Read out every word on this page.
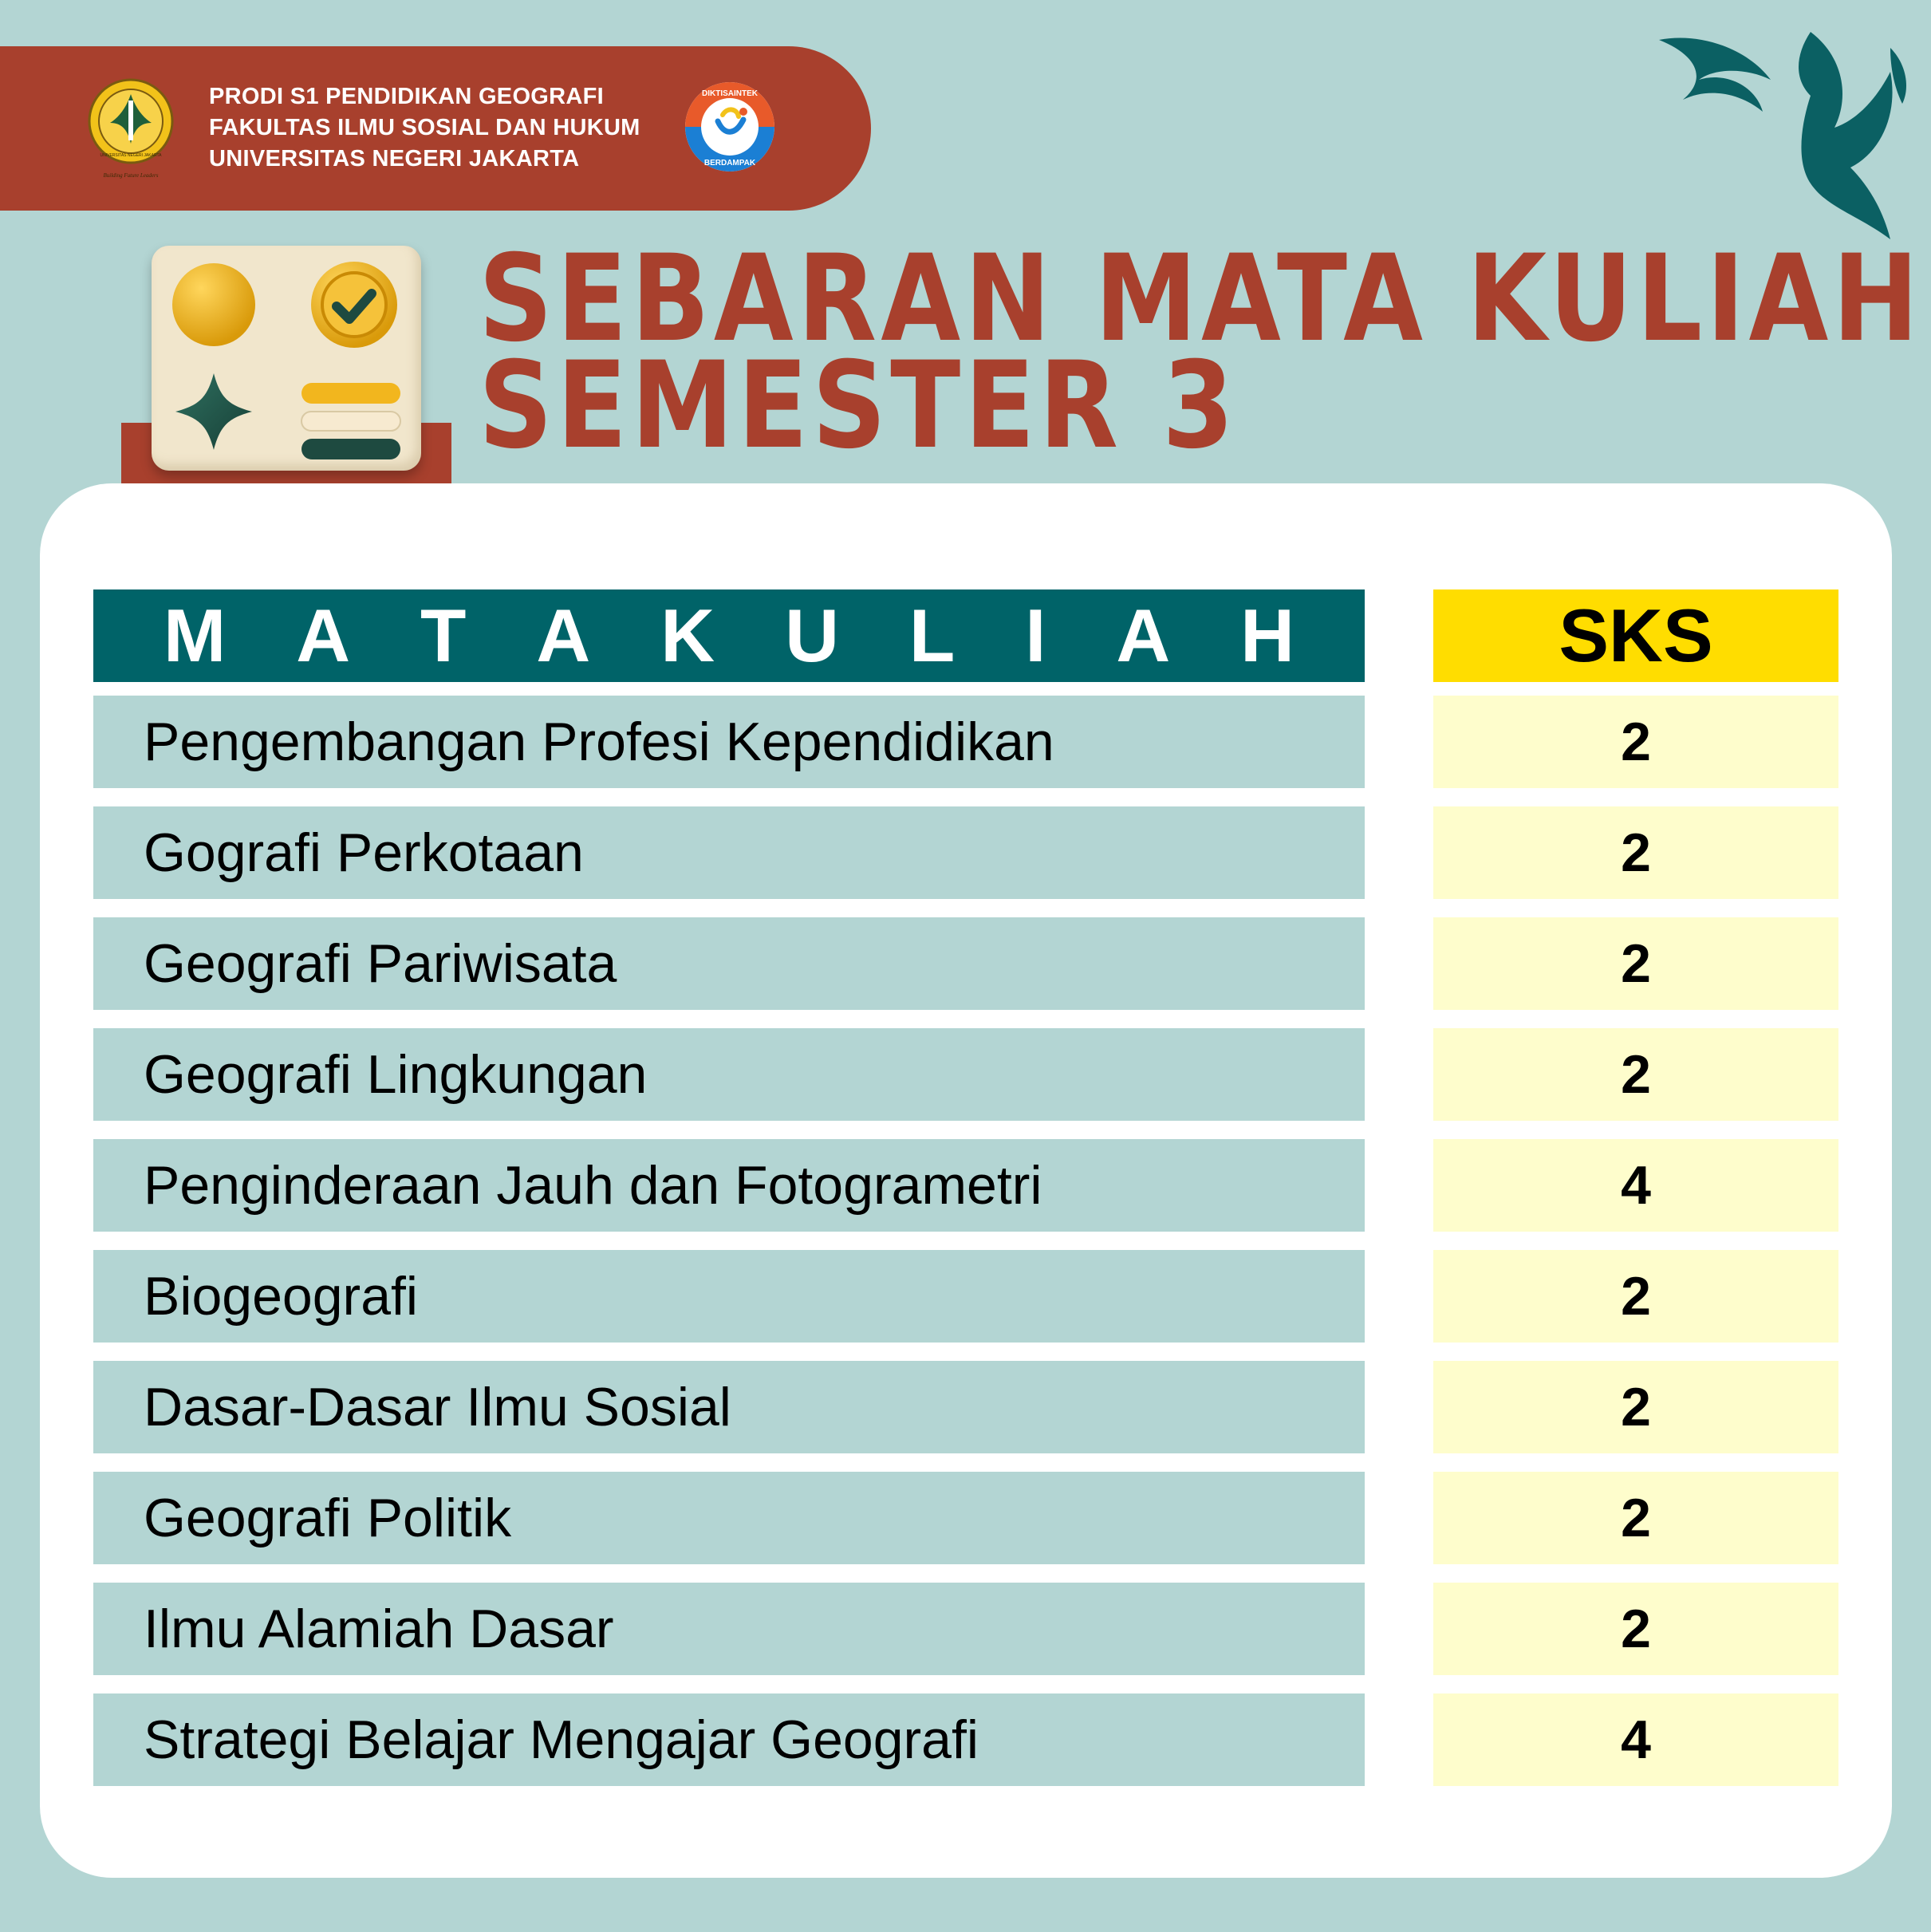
UNIVERSITAS NEGERI JAKARTA
Building Future Leaders
PRODI S1 PENDIDIKAN GEOGRAFI
FAKULTAS ILMU SOSIAL DAN HUKUM
UNIVERSITAS NEGERI JAKARTA
DIKTISAINTEK
BERDAMPAK
SEBARAN MATA KULIAH
SEMESTER 3
M A T A K U L I A H	SKS
Pengembangan Profesi Kependidikan	2
Gografi Perkotaan	2
Geografi Pariwisata	2
Geografi Lingkungan	2
Penginderaan Jauh dan Fotogrametri	4
Biogeografi	2
Dasar-Dasar Ilmu Sosial	2
Geografi Politik	2
Ilmu Alamiah Dasar	2
Strategi Belajar Mengajar Geografi	4
